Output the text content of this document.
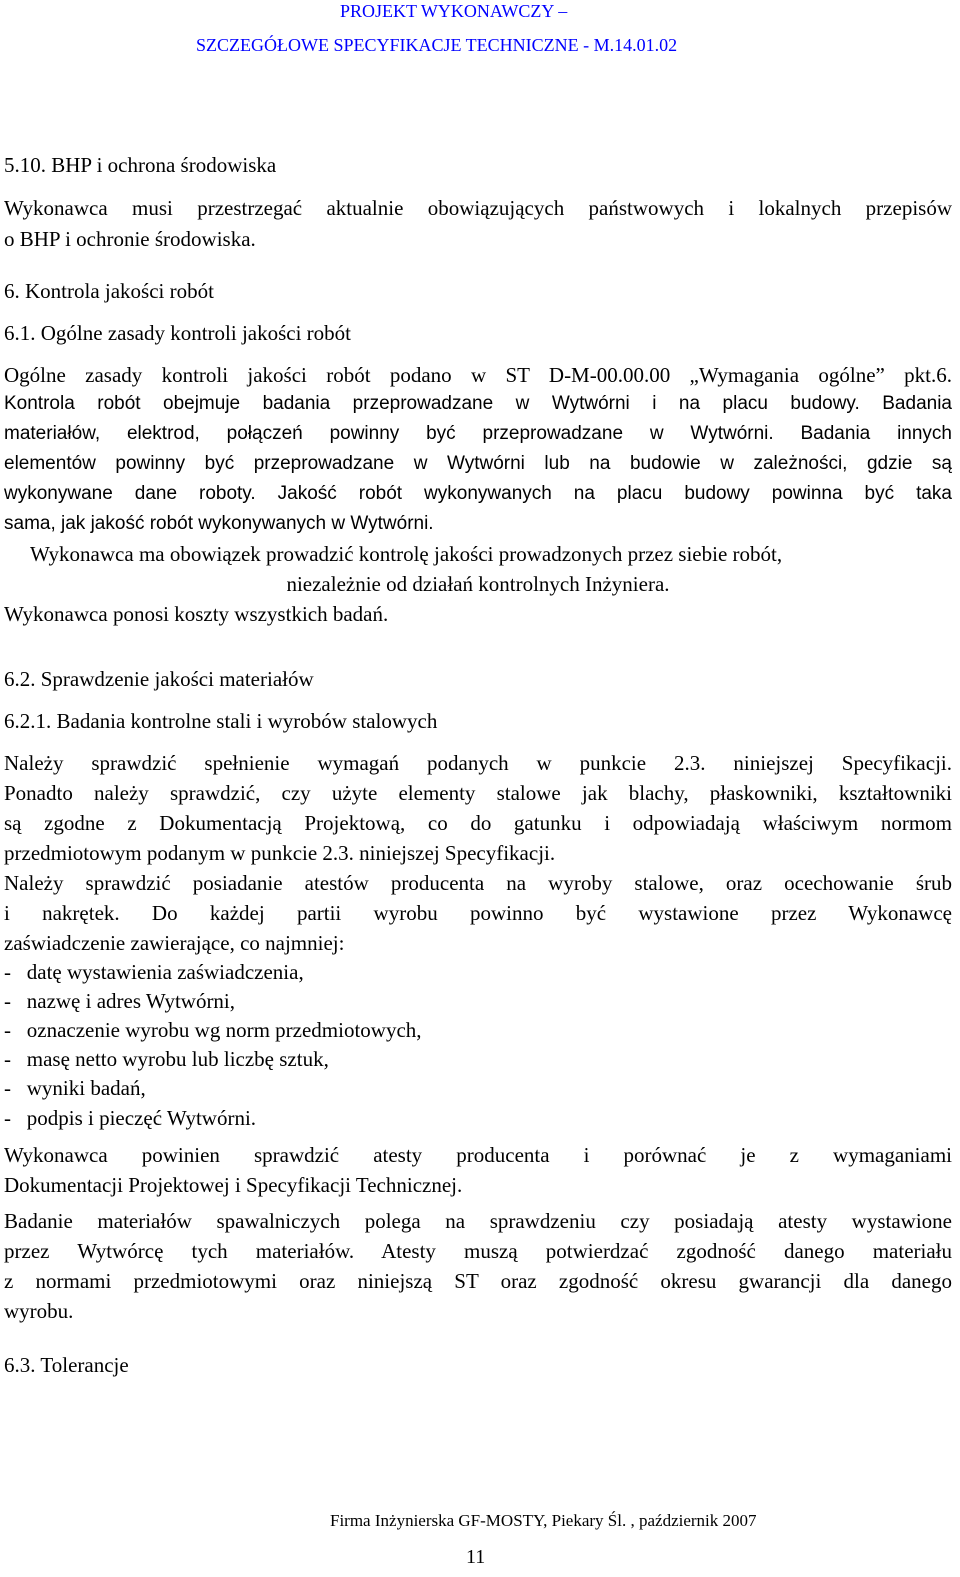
PROJEKT WYKONAWCZY –
SZCZEGÓŁOWE SPECYFIKACJE TECHNICZNE - M.14.01.02

5.10. BHP i ochrona środowiska

Wykonawca musi przestrzegać aktualnie obowiązujących państwowych i lokalnych przepisów

o BHP i ochronie środowiska.

6. Kontrola jakości robót

6.1. Ogólne zasady kontroli jakości robót

Ogólne zasady kontroli jakości robót podano w ST D-M-00.00.00 „Wymagania ogólne” pkt.6.

Kontrola robót obejmuje badania przeprowadzane w Wytwórni i na placu budowy. Badania

materiałów, elektrod, połączeń powinny być przeprowadzane w Wytwórni. Badania innych

elementów powinny być przeprowadzane w Wytwórni lub na budowie w zależności, gdzie są

wykonywane dane roboty. Jakość robót wykonywanych na placu budowy powinna być taka

sama, jak jakość robót wykonywanych w Wytwórni.

Wykonawca ma obowiązek prowadzić kontrolę jakości prowadzonych przez siebie robót,

niezależnie od działań kontrolnych Inżyniera.

Wykonawca ponosi koszty wszystkich badań.

6.2. Sprawdzenie jakości materiałów

6.2.1. Badania kontrolne stali i wyrobów stalowych

Należy sprawdzić spełnienie wymagań podanych w punkcie 2.3. niniejszej Specyfikacji.

Ponadto należy sprawdzić, czy użyte elementy stalowe jak blachy, płaskowniki, kształtowniki

są zgodne z Dokumentacją Projektową, co do gatunku i odpowiadają właściwym normom

przedmiotowym podanym w punkcie 2.3. niniejszej Specyfikacji.

Należy sprawdzić posiadanie atestów producenta na wyroby stalowe, oraz ocechowanie śrub

i nakrętek. Do każdej partii wyrobu powinno być wystawione przez Wykonawcę

zaświadczenie zawierające, co najmniej:

-   datę wystawienia zaświadczenia,

-   nazwę i adres Wytwórni,

-   oznaczenie wyrobu wg norm przedmiotowych,

-   masę netto wyrobu lub liczbę sztuk,

-   wyniki badań,

-   podpis i pieczęć Wytwórni.

Wykonawca powinien sprawdzić atesty producenta i porównać je z wymaganiami

Dokumentacji Projektowej i Specyfikacji Technicznej.

Badanie materiałów spawalniczych polega na sprawdzeniu czy posiadają atesty wystawione

przez Wytwórcę tych materiałów. Atesty muszą potwierdzać zgodność danego materiału

z normami przedmiotowymi oraz niniejszą ST oraz zgodność okresu gwarancji dla danego

wyrobu.

6.3. Tolerancje

Firma Inżynierska GF-MOSTY, Piekary Śl. , październik 2007
11
